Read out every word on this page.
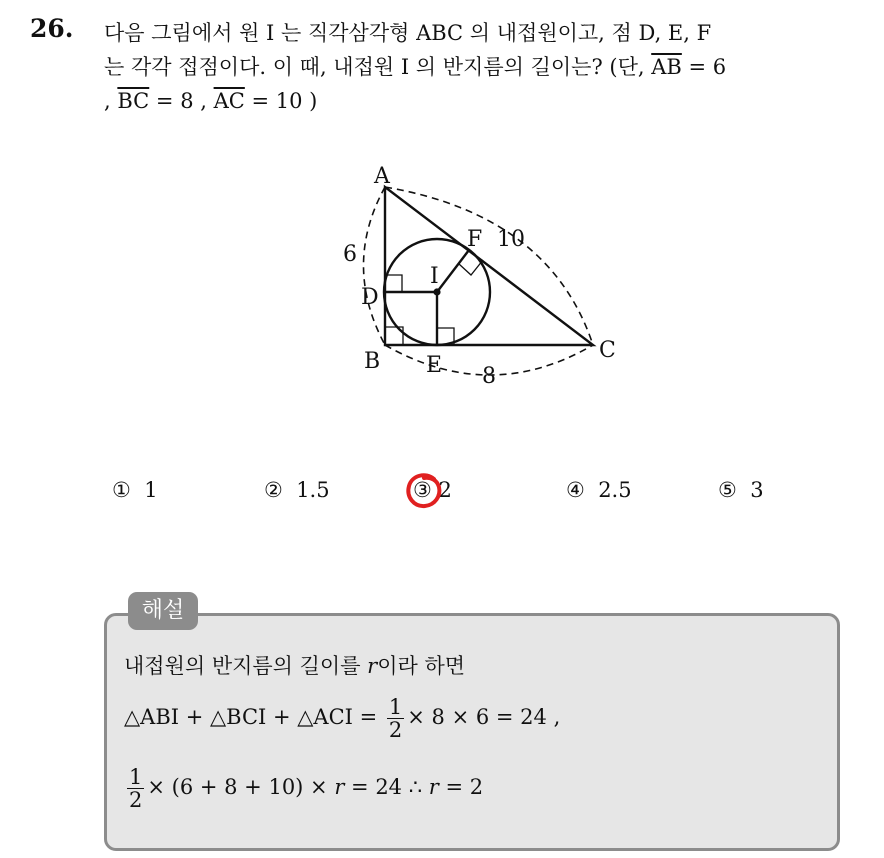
26. 다음 그림에서 원 I 는 직각삼각형 ABC 의 내접원이고, 점 D, E, F
는 각각 접점이다. 이 때, 내접원 I 의 반지름의 길이는? (단, $\overline{AB} = 6$
, $\overline{BC} = 8$ , $\overline{AC} = 10$ )
A
B	C
D
E
F
I
6
10
8
① 1	② 1.5	③ 2	④ 2.5	⑤ 3
해설
내접원의 반지름의 길이를 r이라 하면
△ABI + △BCI + △ACI = $\frac{1}{2} \times 8 \times 6 = 24$ ,
$\frac{1}{2} \times (6 + 8 + 10) \times r = 24$ ∴ r = 2
